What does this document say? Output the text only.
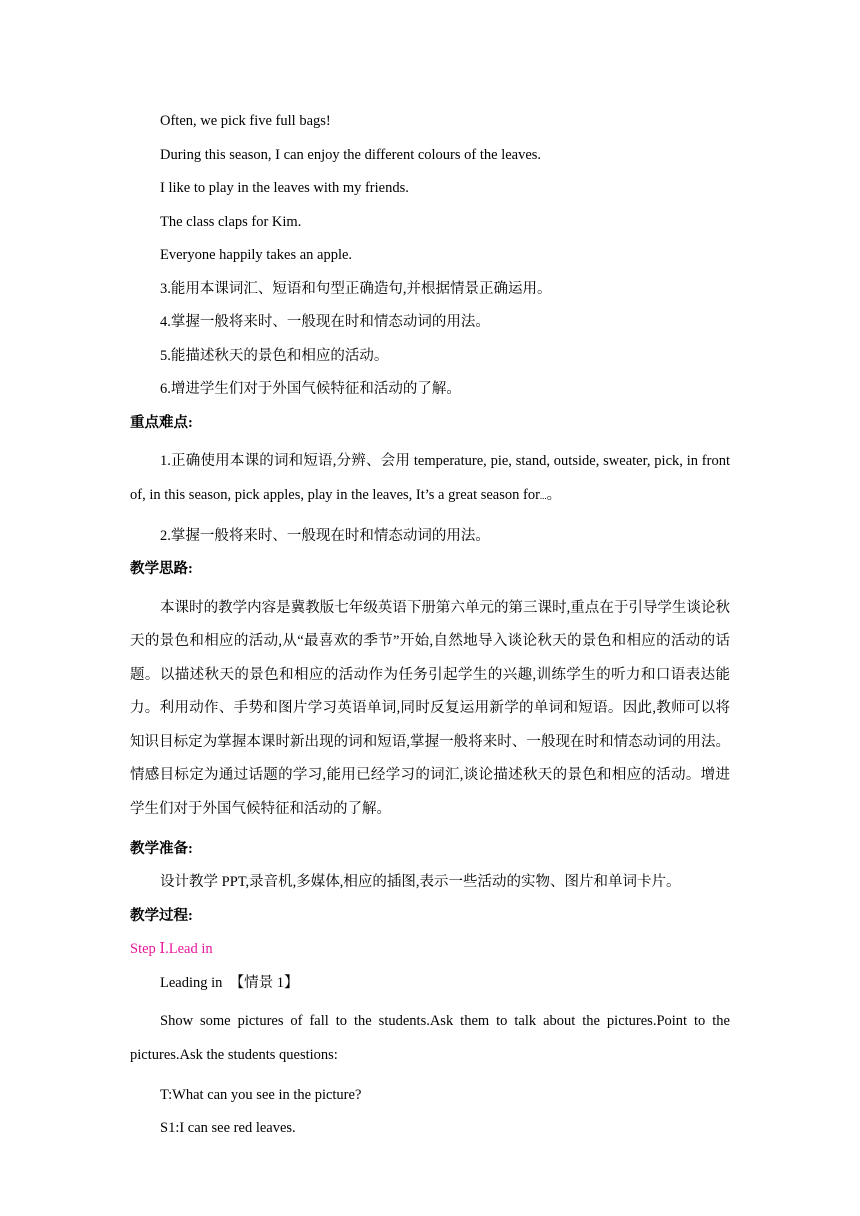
Often, we pick five full bags!

During this season, I can enjoy the different colours of the leaves.

I like to play in the leaves with my friends.

The class claps for Kim.

Everyone happily takes an apple.

3.能用本课词汇、短语和句型正确造句,并根据情景正确运用。

4.掌握一般将来时、一般现在时和情态动词的用法。

5.能描述秋天的景色和相应的活动。

6.增进学生们对于外国气候特征和活动的了解。

重点难点:

1.正确使用本课的词和短语,分辨、会用 temperature, pie, stand, outside, sweater, pick, in front of, in this season, pick apples, play in the leaves, It’s a great season for...。

2.掌握一般将来时、一般现在时和情态动词的用法。

教学思路:

本课时的教学内容是冀教版七年级英语下册第六单元的第三课时,重点在于引导学生谈论秋天的景色和相应的活动,从“最喜欢的季节”开始,自然地导入谈论秋天的景色和相应的活动的话题。以描述秋天的景色和相应的活动作为任务引起学生的兴趣,训练学生的听力和口语表达能力。利用动作、手势和图片学习英语单词,同时反复运用新学的单词和短语。因此,教师可以将知识目标定为掌握本课时新出现的词和短语,掌握一般将来时、一般现在时和情态动词的用法。情感目标定为通过话题的学习,能用已经学习的词汇,谈论描述秋天的景色和相应的活动。增进学生们对于外国气候特征和活动的了解。

教学准备:

设计教学 PPT,录音机,多媒体,相应的插图,表示一些活动的实物、图片和单词卡片。

教学过程:

Step Ⅰ.Lead in

Leading in  【情景 1】

Show some pictures of fall to the students.Ask them to talk about the pictures.Point to the pictures.Ask the students questions:

T:What can you see in the picture?

S1:I can see red leaves.
